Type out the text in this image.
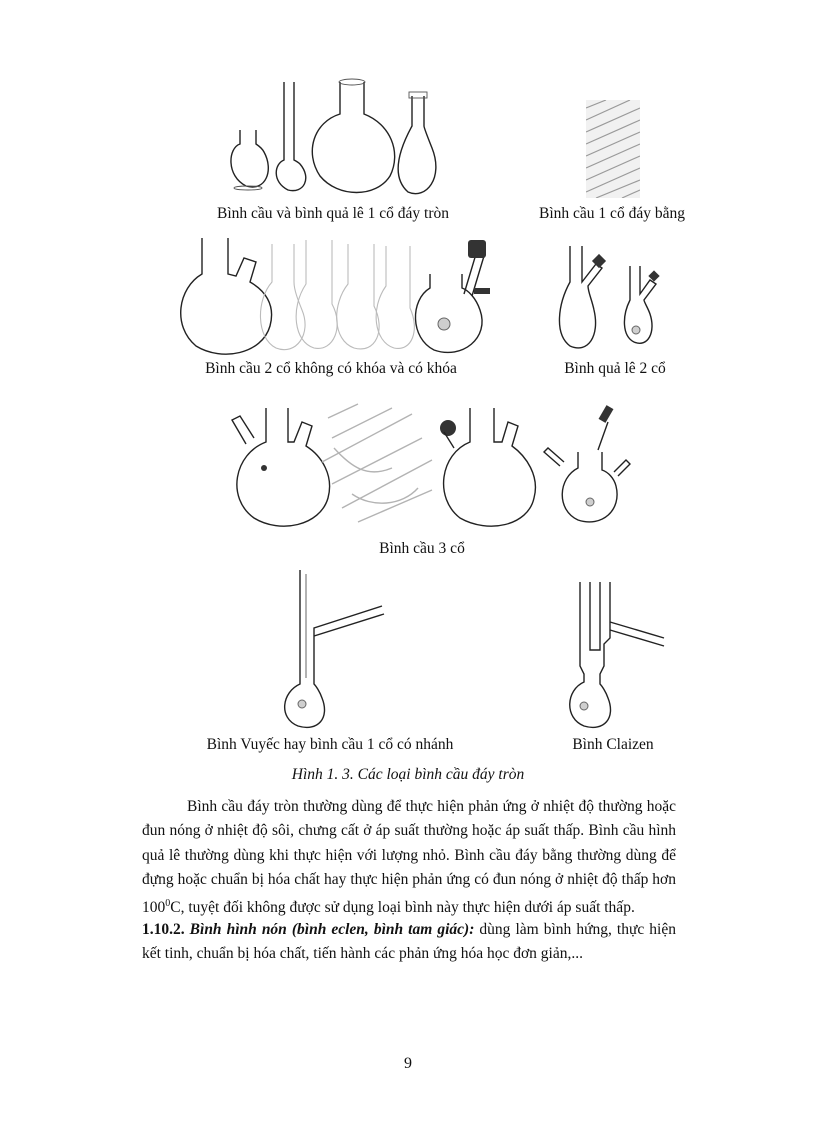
Bình cầu và bình quả lê 1 cổ đáy tròn	Bình cầu 1 cổ đáy bằng
Bình cầu 2 cổ không có khóa và có khóa	Bình quả lê 2 cổ
Bình cầu 3 cổ
Bình Vuyếc hay bình cầu 1 cổ có nhánh	Bình Claizen
Hình 1. 3. Các loại bình cầu đáy tròn

Bình cầu đáy tròn thường dùng để thực hiện phản ứng ở nhiệt độ thường hoặc đun nóng ở nhiệt độ sôi, chưng cất ở áp suất thường hoặc áp suất thấp. Bình cầu hình quả lê thường dùng khi thực hiện với lượng nhỏ. Bình cầu đáy bằng thường dùng để đựng hoặc chuẩn bị hóa chất hay thực hiện phản ứng có đun nóng ở nhiệt độ thấp hơn $100^0C$, tuyệt đối không được sử dụng loại bình này thực hiện dưới áp suất thấp.

1.10.2. Bình hình nón (bình eclen, bình tam giác): dùng làm bình hứng, thực hiện kết tinh, chuẩn bị hóa chất, tiến hành các phản ứng hóa học đơn giản,...

9
